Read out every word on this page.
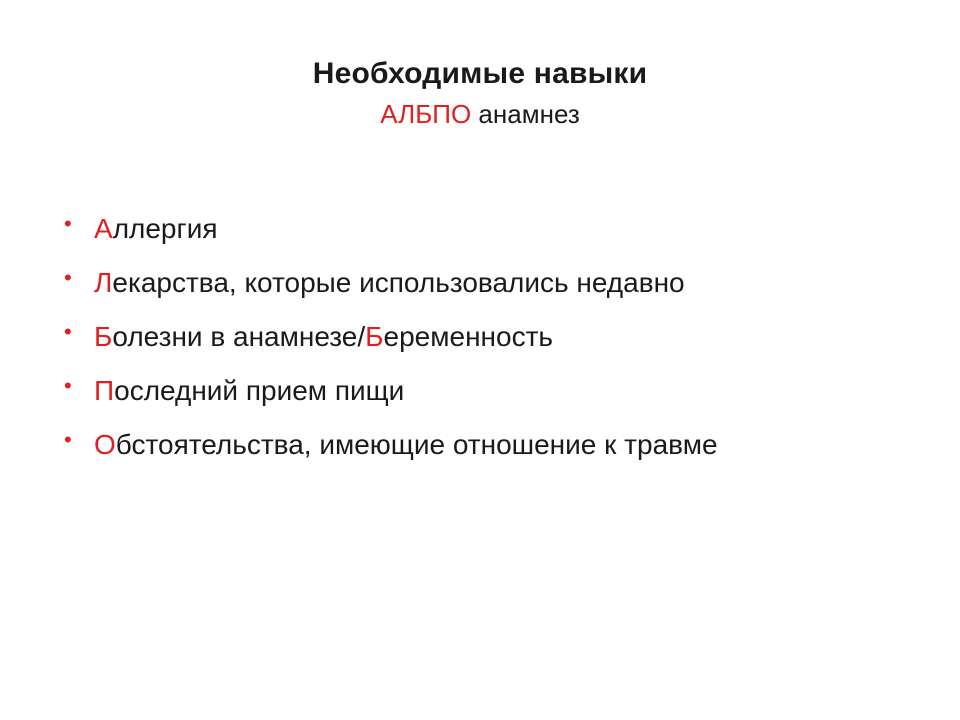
Необходимые навыки
АЛБПО анамнез
• Аллергия
• Лекарства, которые использовались недавно
• Болезни в анамнезе/Беременность
• Последний прием пищи
• Обстоятельства, имеющие отношение к травме
